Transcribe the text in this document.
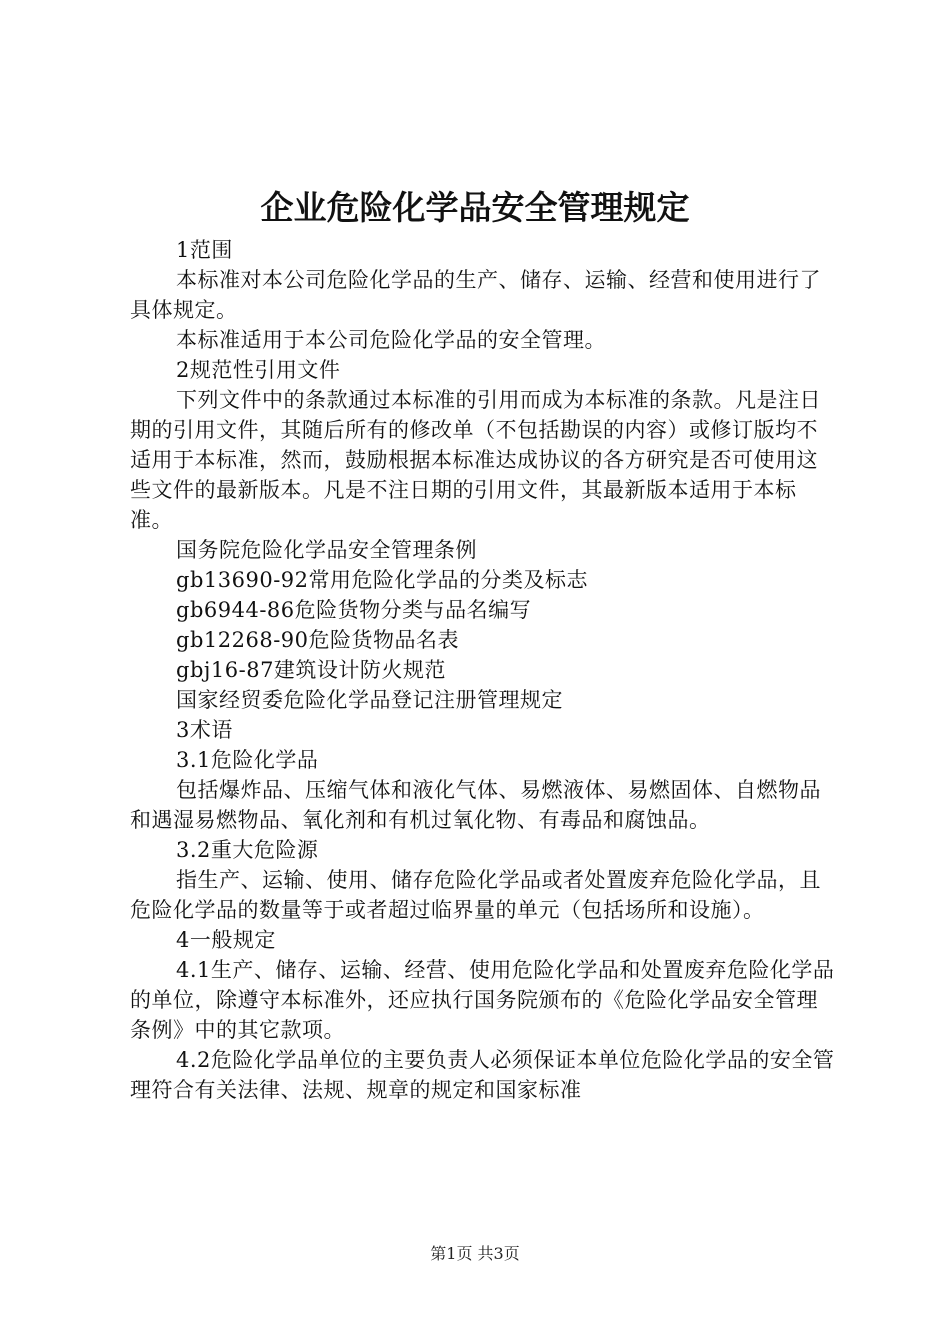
企业危险化学品安全管理规定

1范围

本标准对本公司危险化学品的生产、储存、运输、经营和使用进行了具体规定。

本标准适用于本公司危险化学品的安全管理。

2规范性引用文件

下列文件中的条款通过本标准的引用而成为本标准的条款。凡是注日期的引用文件，其随后所有的修改单（不包括勘误的内容）或修订版均不适用于本标准，然而，鼓励根据本标准达成协议的各方研究是否可使用这些文件的最新版本。凡是不注日期的引用文件，其最新版本适用于本标准。

国务院危险化学品安全管理条例

gb13690-92常用危险化学品的分类及标志

gb6944-86危险货物分类与品名编写

gb12268-90危险货物品名表

gbj16-87建筑设计防火规范

国家经贸委危险化学品登记注册管理规定

3术语

3.1危险化学品

包括爆炸品、压缩气体和液化气体、易燃液体、易燃固体、自燃物品和遇湿易燃物品、氧化剂和有机过氧化物、有毒品和腐蚀品。

3.2重大危险源

指生产、运输、使用、储存危险化学品或者处置废弃危险化学品，且危险化学品的数量等于或者超过临界量的单元（包括场所和设施）。

4一般规定

4.1生产、储存、运输、经营、使用危险化学品和处置废弃危险化学品的单位，除遵守本标准外，还应执行国务院颁布的《危险化学品安全管理条例》中的其它款项。

4.2危险化学品单位的主要负责人必须保证本单位危险化学品的安全管理符合有关法律、法规、规章的规定和国家标准

第1页 共3页
